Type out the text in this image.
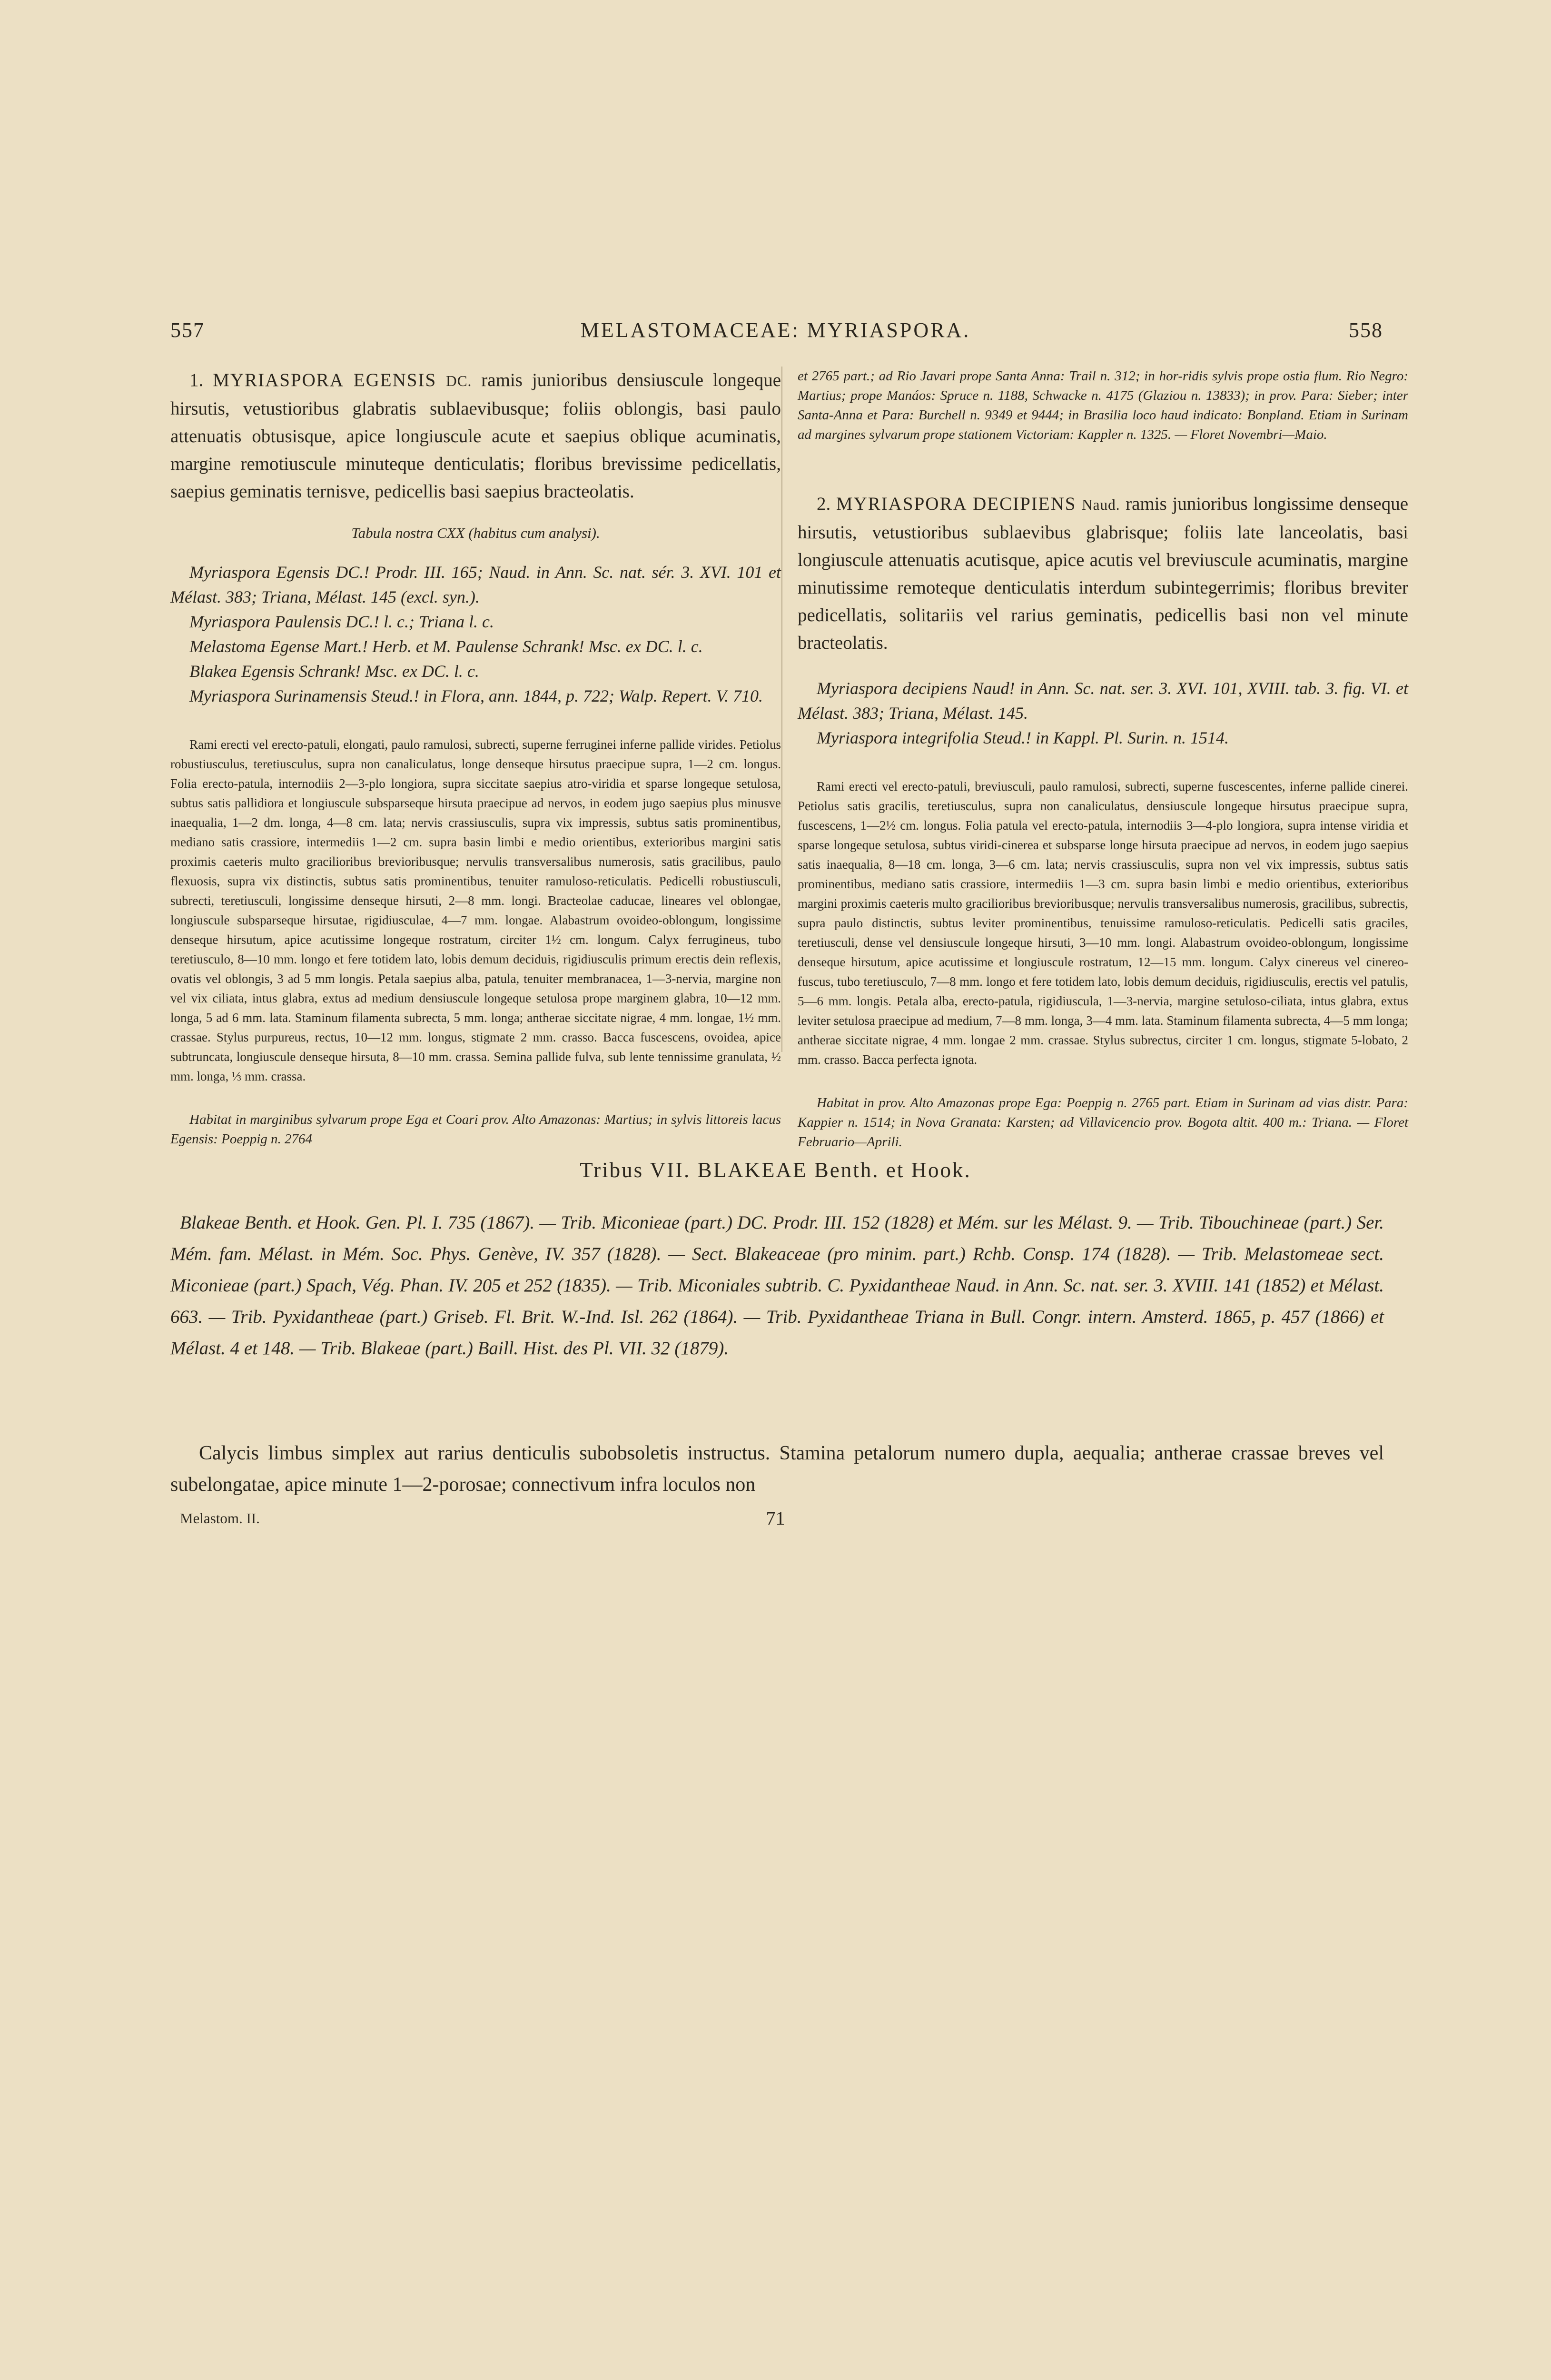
557	MELASTOMACEAE: MYRIASPORA.	558

1. MYRIASPORA EGENSIS DC. ramis junioribus densiuscule longeque hirsutis, vetustioribus glabratis sublaevibusque; foliis oblongis, basi paulo attenuatis obtusisque, apice longiuscule acute et saepius oblique acuminatis, margine remotiuscule minuteque denticulatis; floribus brevissime pedicellatis, saepius geminatis ternisve, pedicellis basi saepius bracteolatis.

Tabula nostra CXX (habitus cum analysi).

Myriaspora Egensis DC.! Prodr. III. 165; Naud. in Ann. Sc. nat. sér. 3. XVI. 101 et Mélast. 383; Triana, Mélast. 145 (excl. syn.).

Myriaspora Paulensis DC.! l. c.; Triana l. c.

Melastoma Egense Mart.! Herb. et M. Paulense Schrank! Msc. ex DC. l. c.

Blakea Egensis Schrank! Msc. ex DC. l. c.

Myriaspora Surinamensis Steud.! in Flora, ann. 1844, p. 722; Walp. Repert. V. 710.

Rami erecti vel erecto-patuli, elongati, paulo ramulosi, subrecti, superne ferruginei inferne pallide virides. Petiolus robustiusculus, teretiusculus, supra non canaliculatus, longe denseque hirsutus praecipue supra, 1—2 cm. longus. Folia erecto-patula, internodiis 2—3-plo longiora, supra siccitate saepius atro-viridia et sparse longeque setulosa, subtus satis pallidiora et longiuscule subsparseque hirsuta praecipue ad nervos, in eodem jugo saepius plus minusve inaequalia, 1—2 dm. longa, 4—8 cm. lata; nervis crassiusculis, supra vix impressis, subtus satis prominentibus, mediano satis crassiore, intermediis 1—2 cm. supra basin limbi e medio orientibus, exterioribus margini satis proximis caeteris multo gracilioribus brevioribusque; nervulis transversalibus numerosis, satis gracilibus, paulo flexuosis, supra vix distinctis, subtus satis prominentibus, tenuiter ramuloso-reticulatis. Pedicelli robustiusculi, subrecti, teretiusculi, longissime denseque hirsuti, 2—8 mm. longi. Bracteolae caducae, lineares vel oblongae, longiuscule subsparseque hirsutae, rigidiusculae, 4—7 mm. longae. Alabastrum ovoideo-oblongum, longissime denseque hirsutum, apice acutissime longeque rostratum, circiter 1½ cm. longum. Calyx ferrugineus, tubo teretiusculo, 8—10 mm. longo et fere totidem lato, lobis demum deciduis, rigidiusculis primum erectis dein reflexis, ovatis vel oblongis, 3 ad 5 mm longis. Petala saepius alba, patula, tenuiter membranacea, 1—3-nervia, margine non vel vix ciliata, intus glabra, extus ad medium densiuscule longeque setulosa prope marginem glabra, 10—12 mm. longa, 5 ad 6 mm. lata. Staminum filamenta subrecta, 5 mm. longa; antherae siccitate nigrae, 4 mm. longae, 1½ mm. crassae. Stylus purpureus, rectus, 10—12 mm. longus, stigmate 2 mm. crasso. Bacca fuscescens, ovoidea, apice subtruncata, longiuscule denseque hirsuta, 8—10 mm. crassa. Semina pallide fulva, sub lente tennissime granulata, ½ mm. longa, ⅓ mm. crassa.

Habitat in marginibus sylvarum prope Ega et Coari prov. Alto Amazonas: Martius; in sylvis littoreis lacus Egensis: Poeppig n. 2764

et 2765 part.; ad Rio Javari prope Santa Anna: Trail n. 312; in hor-ridis sylvis prope ostia flum. Rio Negro: Martius; prope Manáos: Spruce n. 1188, Schwacke n. 4175 (Glaziou n. 13833); in prov. Para: Sieber; inter Santa-Anna et Para: Burchell n. 9349 et 9444; in Brasilia loco haud indicato: Bonpland. Etiam in Surinam ad margines sylvarum prope stationem Victoriam: Kappler n. 1325. — Floret Novembri—Maio.

2. MYRIASPORA DECIPIENS Naud. ramis junioribus longissime denseque hirsutis, vetustioribus sublaevibus glabrisque; foliis late lanceolatis, basi longiuscule attenuatis acutisque, apice acutis vel breviuscule acuminatis, margine minutissime remoteque denticulatis interdum subintegerrimis; floribus breviter pedicellatis, solitariis vel rarius geminatis, pedicellis basi non vel minute bracteolatis.

Myriaspora decipiens Naud! in Ann. Sc. nat. ser. 3. XVI. 101, XVIII. tab. 3. fig. VI. et Mélast. 383; Triana, Mélast. 145.

Myriaspora integrifolia Steud.! in Kappl. Pl. Surin. n. 1514.

Rami erecti vel erecto-patuli, breviusculi, paulo ramulosi, subrecti, superne fuscescentes, inferne pallide cinerei. Petiolus satis gracilis, teretiusculus, supra non canaliculatus, densiuscule longeque hirsutus praecipue supra, fuscescens, 1—2½ cm. longus. Folia patula vel erecto-patula, internodiis 3—4-plo longiora, supra intense viridia et sparse longeque setulosa, subtus viridi-cinerea et subsparse longe hirsuta praecipue ad nervos, in eodem jugo saepius satis inaequalia, 8—18 cm. longa, 3—6 cm. lata; nervis crassiusculis, supra non vel vix impressis, subtus satis prominentibus, mediano satis crassiore, intermediis 1—3 cm. supra basin limbi e medio orientibus, exterioribus margini proximis caeteris multo gracilioribus brevioribusque; nervulis transversalibus numerosis, gracilibus, subrectis, supra paulo distinctis, subtus leviter prominentibus, tenuissime ramuloso-reticulatis. Pedicelli satis graciles, teretiusculi, dense vel densiuscule longeque hirsuti, 3—10 mm. longi. Alabastrum ovoideo-oblongum, longissime denseque hirsutum, apice acutissime et longiuscule rostratum, 12—15 mm. longum. Calyx cinereus vel cinereo-fuscus, tubo teretiusculo, 7—8 mm. longo et fere totidem lato, lobis demum deciduis, rigidiusculis, erectis vel patulis, 5—6 mm. longis. Petala alba, erecto-patula, rigidiuscula, 1—3-nervia, margine setuloso-ciliata, intus glabra, extus leviter setulosa praecipue ad medium, 7—8 mm. longa, 3—4 mm. lata. Staminum filamenta subrecta, 4—5 mm longa; antherae siccitate nigrae, 4 mm. longae 2 mm. crassae. Stylus subrectus, circiter 1 cm. longus, stigmate 5-lobato, 2 mm. crasso. Bacca perfecta ignota.

Habitat in prov. Alto Amazonas prope Ega: Poeppig n. 2765 part. Etiam in Surinam ad vias distr. Para: Kappier n. 1514; in Nova Granata: Karsten; ad Villavicencio prov. Bogota altit. 400 m.: Triana. — Floret Februario—Aprili.

Tribus VII. BLAKEAE Benth. et Hook.
Blakeae Benth. et Hook. Gen. Pl. I. 735 (1867). — Trib. Miconieae (part.) DC. Prodr. III. 152 (1828) et Mém. sur les Mélast. 9. — Trib. Tibouchineae (part.) Ser. Mém. fam. Mélast. in Mém. Soc. Phys. Genève, IV. 357 (1828). — Sect. Blakeaceae (pro minim. part.) Rchb. Consp. 174 (1828). — Trib. Melastomeae sect. Miconieae (part.) Spach, Vég. Phan. IV. 205 et 252 (1835). — Trib. Miconiales subtrib. C. Pyxidantheae Naud. in Ann. Sc. nat. ser. 3. XVIII. 141 (1852) et Mélast. 663. — Trib. Pyxidantheae (part.) Griseb. Fl. Brit. W.-Ind. Isl. 262 (1864). — Trib. Pyxidantheae Triana in Bull. Congr. intern. Amsterd. 1865, p. 457 (1866) et Mélast. 4 et 148. — Trib. Blakeae (part.) Baill. Hist. des Pl. VII. 32 (1879).
Calycis limbus simplex aut rarius denticulis subobsoletis instructus. Stamina petalorum numero dupla, aequalia; antherae crassae breves vel subelongatae, apice minute 1—2-porosae; connectivum infra loculos non
Melastom. II.	71
